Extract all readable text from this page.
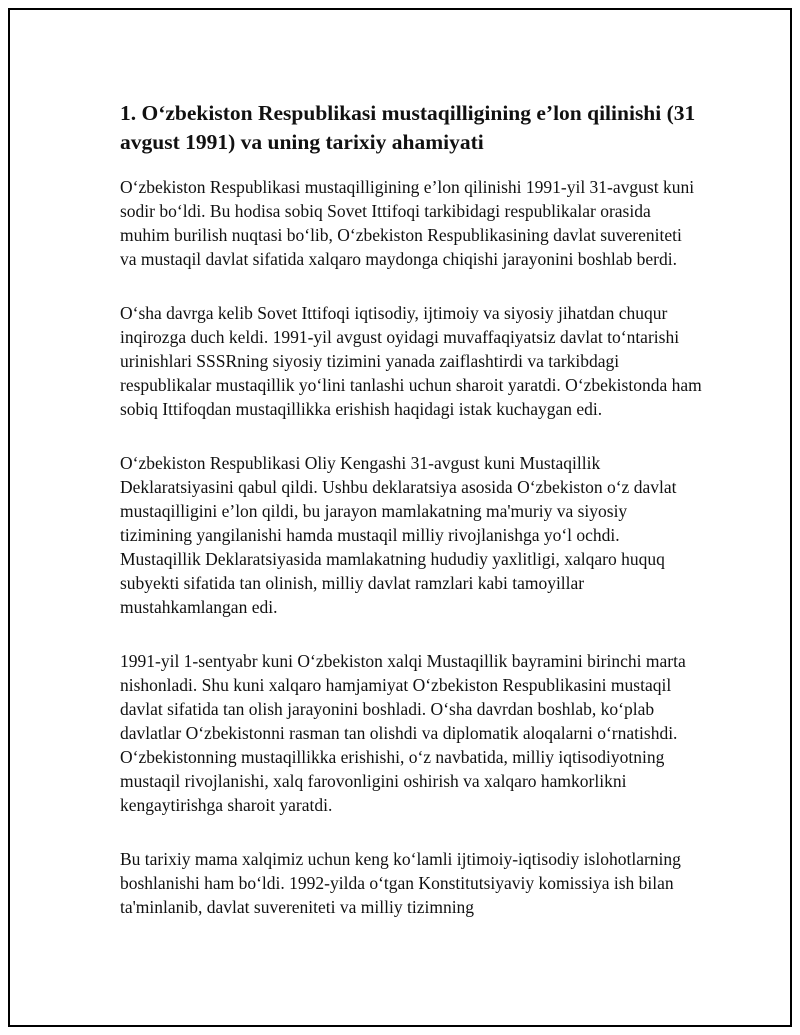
1. O‘zbekiston Respublikasi mustaqilligining e’lon qilinishi (31 avgust 1991) va uning tarixiy ahamiyati

O‘zbekiston Respublikasi mustaqilligining e’lon qilinishi 1991-yil 31-avgust kuni sodir bo‘ldi. Bu hodisa sobiq Sovet Ittifoqi tarkibidagi respublikalar orasida muhim burilish nuqtasi bo‘lib, O‘zbekiston Respublikasining davlat suvereniteti va mustaqil davlat sifatida xalqaro maydonga chiqishi jarayonini boshlab berdi.

O‘sha davrga kelib Sovet Ittifoqi iqtisodiy, ijtimoiy va siyosiy jihatdan chuqur inqirozga duch keldi. 1991-yil avgust oyidagi muvaffaqiyatsiz davlat to‘ntarishi urinishlari SSSRning siyosiy tizimini yanada zaiflashtirdi va tarkibdagi respublikalar mustaqillik yo‘lini tanlashi uchun sharoit yaratdi. O‘zbekistonda ham sobiq Ittifoqdan mustaqillikka erishish haqidagi istak kuchaygan edi.

O‘zbekiston Respublikasi Oliy Kengashi 31-avgust kuni Mustaqillik Deklaratsiyasini qabul qildi. Ushbu deklaratsiya asosida O‘zbekiston o‘z davlat mustaqilligini e’lon qildi, bu jarayon mamlakatning ma'muriy va siyosiy tizimining yangilanishi hamda mustaqil milliy rivojlanishga yo‘l ochdi. Mustaqillik Deklaratsiyasida mamlakatning hududiy yaxlitligi, xalqaro huquq subyekti sifatida tan olinish, milliy davlat ramzlari kabi tamoyillar mustahkamlangan edi.

1991-yil 1-sentyabr kuni O‘zbekiston xalqi Mustaqillik bayramini birinchi marta nishonladi. Shu kuni xalqaro hamjamiyat O‘zbekiston Respublikasini mustaqil davlat sifatida tan olish jarayonini boshladi. O‘sha davrdan boshlab, ko‘plab davlatlar O‘zbekistonni rasman tan olishdi va diplomatik aloqalarni o‘rnatishdi. O‘zbekistonning mustaqillikka erishishi, o‘z navbatida, milliy iqtisodiyotning mustaqil rivojlanishi, xalq farovonligini oshirish va xalqaro hamkorlikni kengaytirishga sharoit yaratdi.

Bu tarixiy mama xalqimiz uchun keng ko‘lamli ijtimoiy-iqtisodiy islohotlarning boshlanishi ham bo‘ldi. 1992-yilda o‘tgan Konstitutsiyaviy komissiya ish bilan ta'minlanib, davlat suvereniteti va milliy tizimning
